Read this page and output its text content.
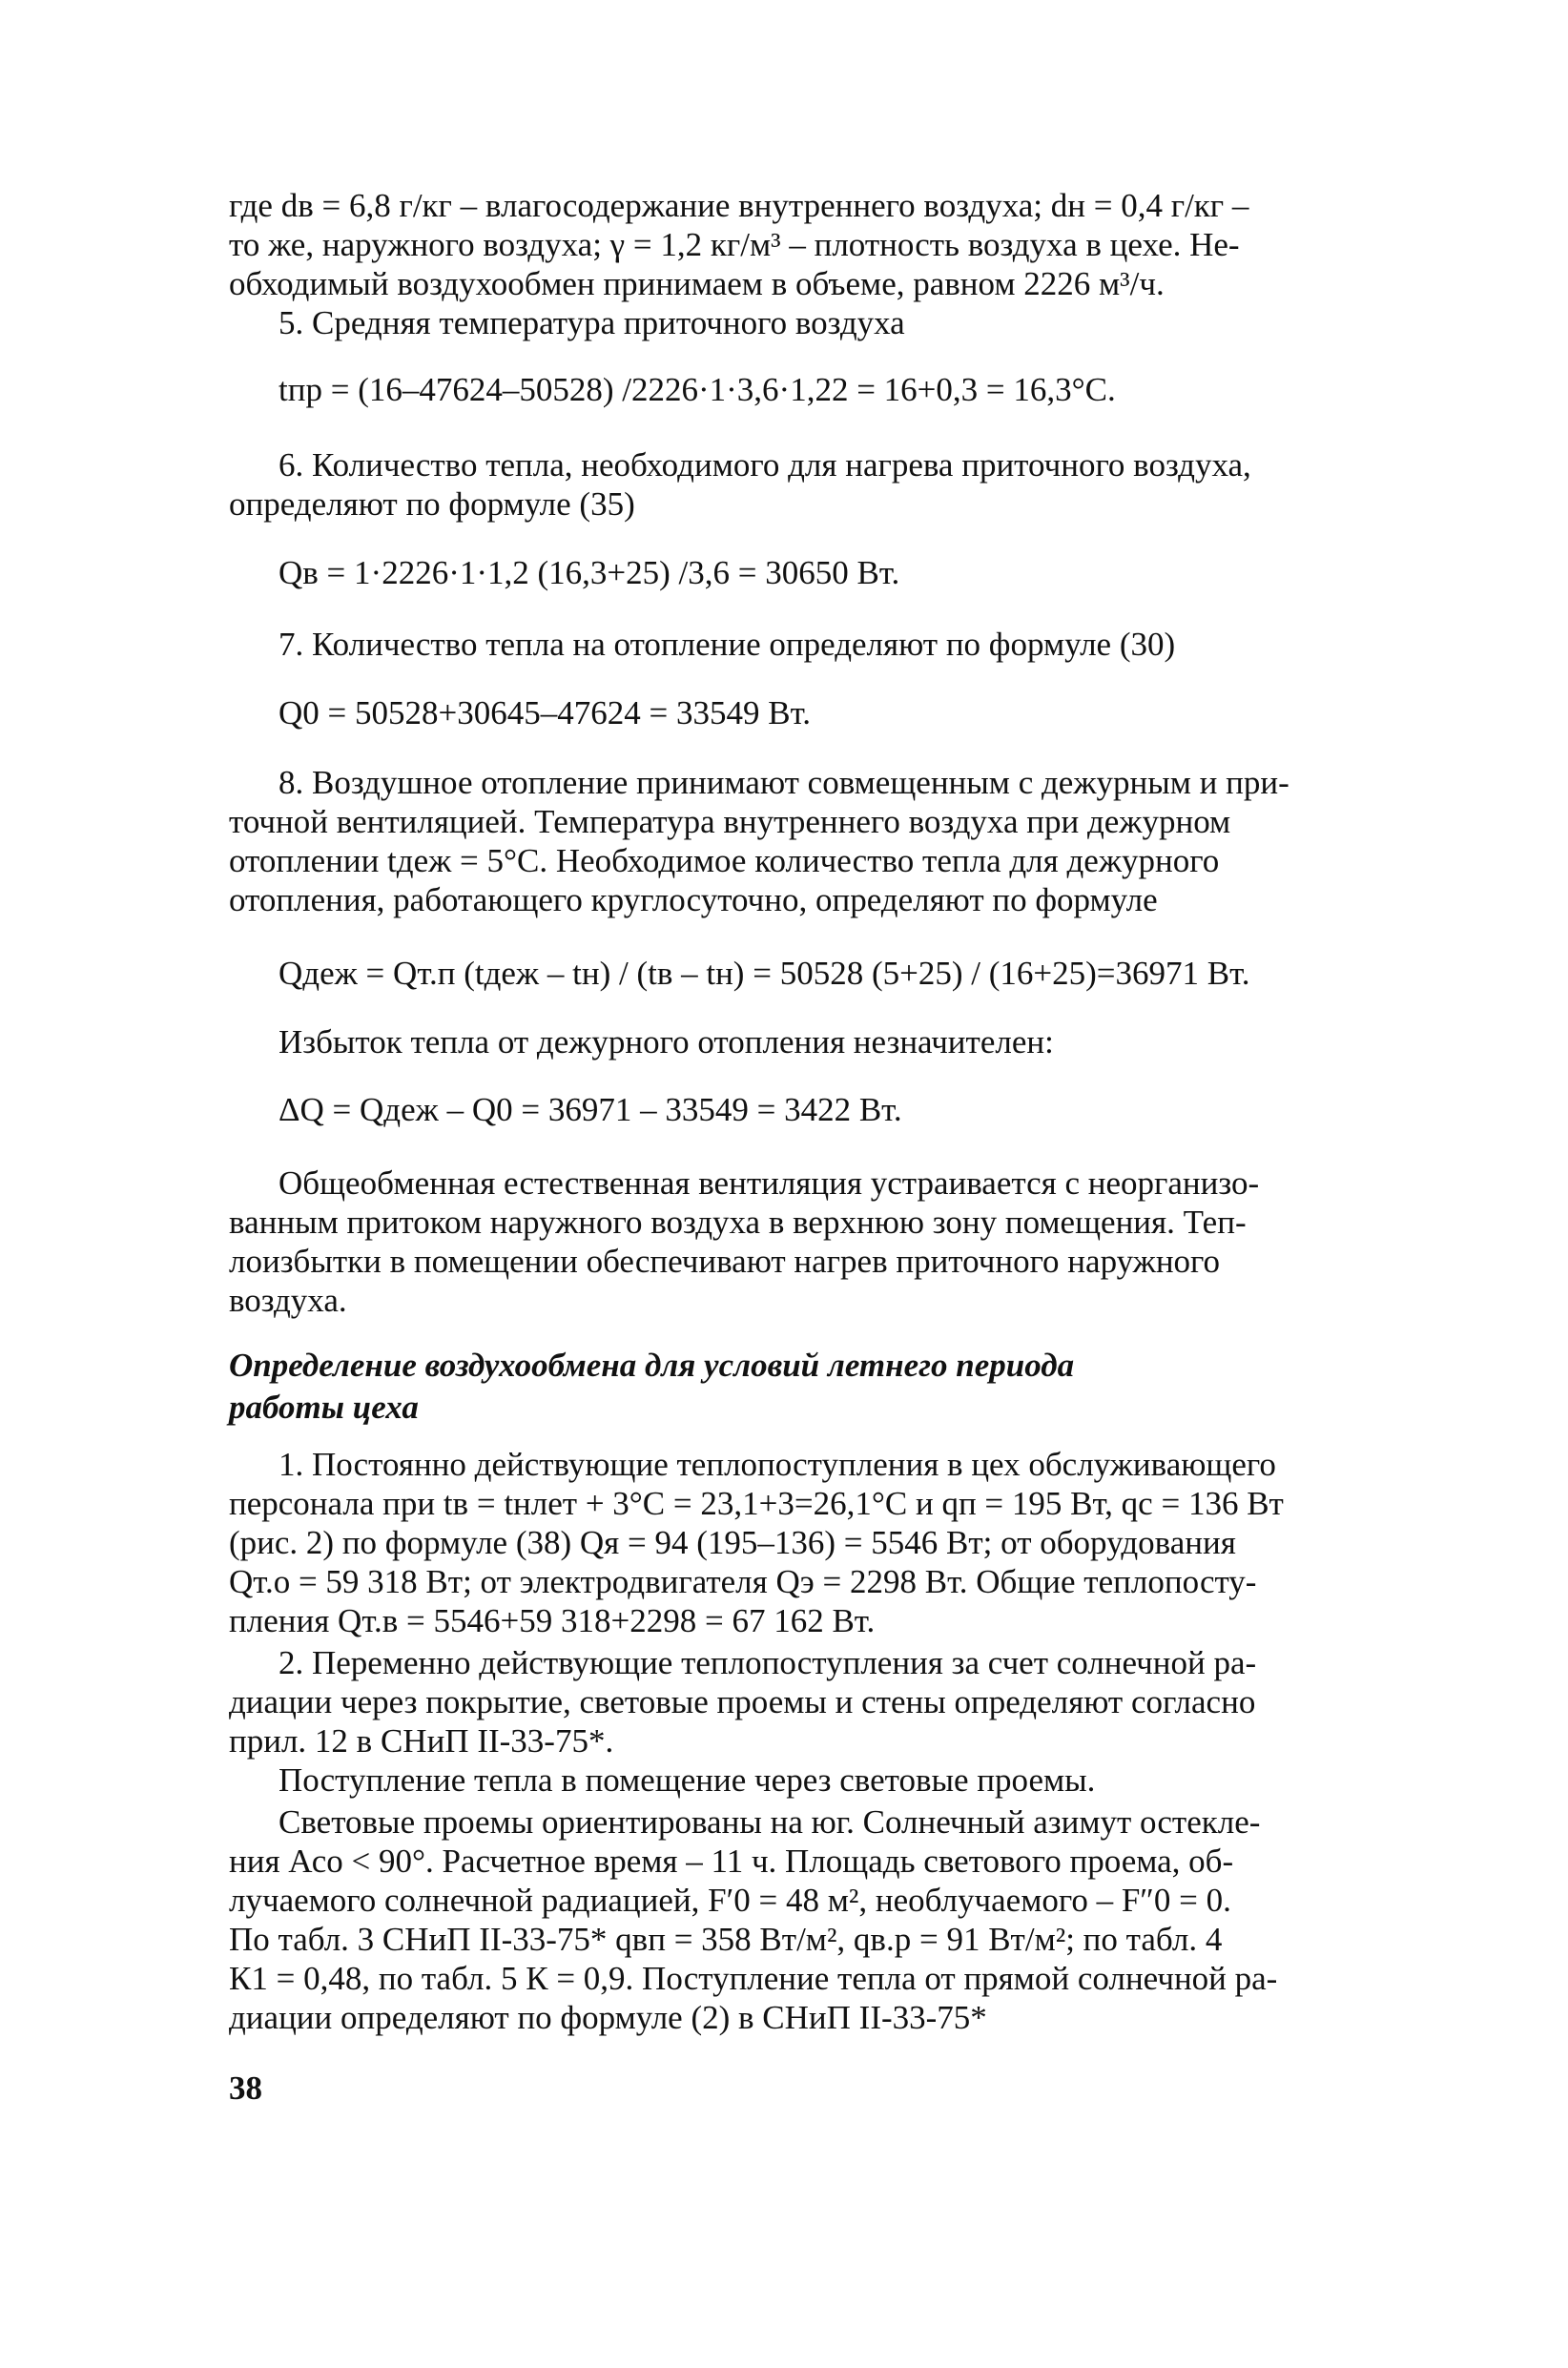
где dв = 6,8 г/кг – влагосодержание внутреннего воздуха; dн = 0,4 г/кг –
то же, наружного воздуха; γ = 1,2 кг/м³ – плотность воздуха в цехе. Не-
обходимый воздухообмен принимаем в объеме, равном 2226 м³/ч.
5. Средняя температура приточного воздуха
tпр = (16–47624–50528) /2226·1·3,6·1,22 = 16+0,3 = 16,3°С.
6. Количество тепла, необходимого для нагрева приточного воздуха,
определяют по формуле (35)
Qв = 1·2226·1·1,2 (16,3+25) /3,6 = 30650 Вт.
7. Количество тепла на отопление определяют по формуле (30)
Q0 = 50528+30645–47624 = 33549 Вт.
8. Воздушное отопление принимают совмещенным с дежурным и при-
точной вентиляцией. Температура внутреннего воздуха при дежурном
отоплении tдеж = 5°С. Необходимое количество тепла для дежурного
отопления, работающего круглосуточно, определяют по формуле
Qдеж = Qт.п (tдеж – tн) / (tв – tн) = 50528 (5+25) / (16+25)=36971 Вт.
Избыток тепла от дежурного отопления незначителен:
ΔQ = Qдеж – Q0 = 36971 – 33549 = 3422 Вт.
Общеобменная естественная вентиляция устраивается с неорганизо-
ванным притоком наружного воздуха в верхнюю зону помещения. Теп-
лоизбытки в помещении обеспечивают нагрев приточного наружного
воздуха.
Определение воздухообмена для условий летнего периода
работы цеха
1. Постоянно действующие теплопоступления в цех обслуживающего
персонала при tв = tнлет + 3°С = 23,1+3=26,1°С и qп = 195 Вт, qс = 136 Вт
(рис. 2) по формуле (38) Qя = 94 (195–136) = 5546 Вт; от оборудования
Qт.о = 59 318 Вт; от электродвигателя Qэ = 2298 Вт. Общие теплопосту-
пления Qт.в = 5546+59 318+2298 = 67 162 Вт.
2. Переменно действующие теплопоступления за счет солнечной ра-
диации через покрытие, световые проемы и стены определяют согласно
прил. 12 в СНиП II-33-75*.
Поступление тепла в помещение через световые проемы.
Световые проемы ориентированы на юг. Солнечный азимут остекле-
ния Асо < 90°. Расчетное время – 11 ч. Площадь светового проема, об-
лучаемого солнечной радиацией, F′0 = 48 м², необлучаемого – F″0 = 0.
По табл. 3 СНиП II-33-75* qвп = 358 Вт/м², qв.р = 91 Вт/м²; по табл. 4
К1 = 0,48, по табл. 5 К = 0,9. Поступление тепла от прямой солнечной ра-
диации определяют по формуле (2) в СНиП II-33-75*
38
